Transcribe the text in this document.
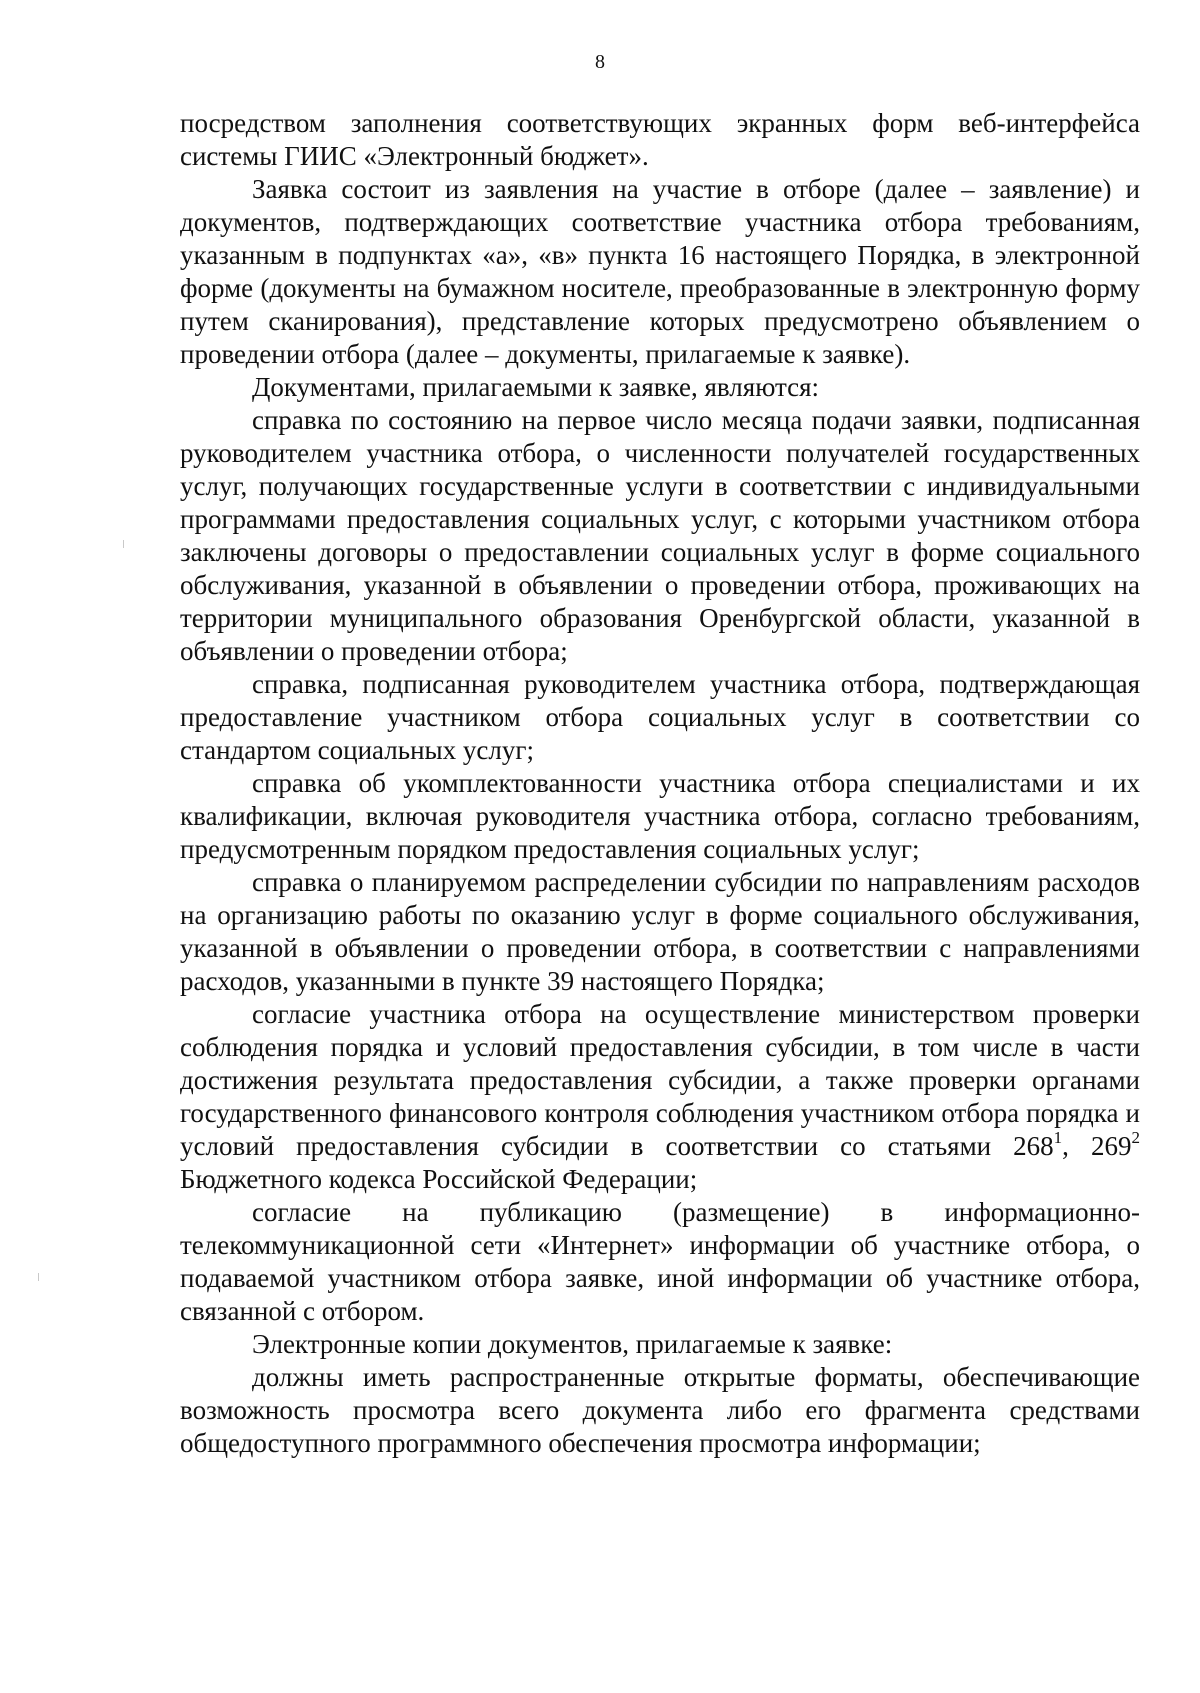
8

посредством заполнения соответствующих экранных форм веб-интерфейса системы ГИИС «Электронный бюджет».

Заявка состоит из заявления на участие в отборе (далее – заявление) и документов, подтверждающих соответствие участника отбора требованиям, указанным в подпунктах «а», «в» пункта 16 настоящего Порядка, в электронной форме (документы на бумажном носителе, преобразованные в электронную форму путем сканирования), представление которых предусмотрено объявлением о проведении отбора (далее – документы, прилагаемые к заявке).

Документами, прилагаемыми к заявке, являются:

справка по состоянию на первое число месяца подачи заявки, подписанная руководителем участника отбора, о численности получателей государственных услуг, получающих государственные услуги в соответствии с индивидуальными программами предоставления социальных услуг, с которыми участником отбора заключены договоры о предоставлении социальных услуг в форме социального обслуживания, указанной в объявлении о проведении отбора, проживающих на территории муниципального образования Оренбургской области, указанной в объявлении о проведении отбора;

справка, подписанная руководителем участника отбора, подтверждающая предоставление участником отбора социальных услуг в соответствии со стандартом социальных услуг;

справка об укомплектованности участника отбора специалистами и их квалификации, включая руководителя участника отбора, согласно требованиям, предусмотренным порядком предоставления социальных услуг;

справка о планируемом распределении субсидии по направлениям расходов на организацию работы по оказанию услуг в форме социального обслуживания, указанной в объявлении о проведении отбора, в соответствии с направлениями расходов, указанными в пункте 39 настоящего Порядка;

согласие участника отбора на осуществление министерством проверки соблюдения порядка и условий предоставления субсидии, в том числе в части достижения результата предоставления субсидии, а также проверки органами государственного финансового контроля соблюдения участником отбора порядка и условий предоставления субсидии в соответствии со статьями $268^1$, $269^2$ Бюджетного кодекса Российской Федерации;

согласие на публикацию (размещение) в информационно-телекоммуникационной сети «Интернет» информации об участнике отбора, о подаваемой участником отбора заявке, иной информации об участнике отбора, связанной с отбором.

Электронные копии документов, прилагаемые к заявке:

должны иметь распространенные открытые форматы, обеспечивающие возможность просмотра всего документа либо его фрагмента средствами общедоступного программного обеспечения просмотра информации;
